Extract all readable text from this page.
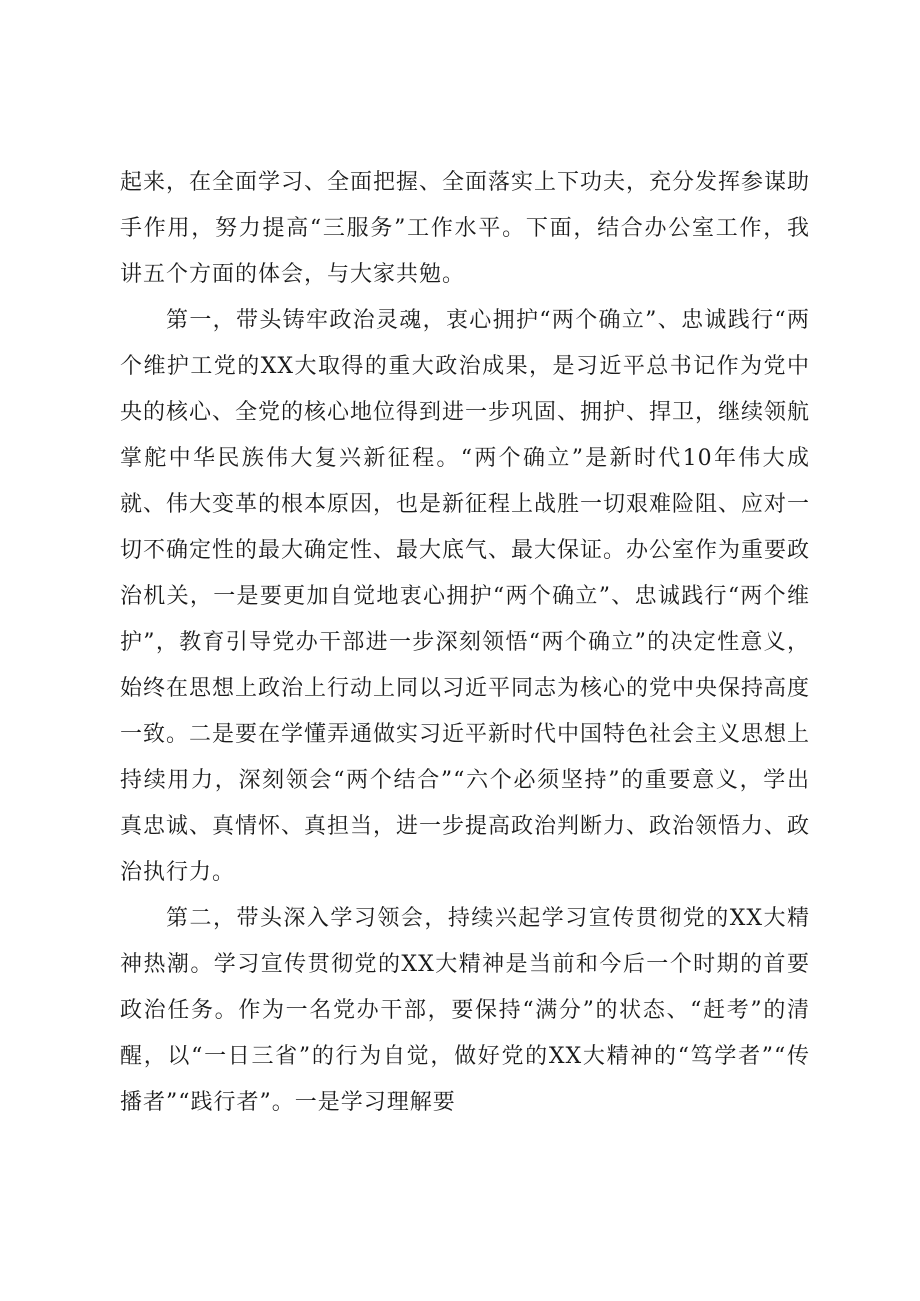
起来，在全面学习、全面把握、全面落实上下功夫，充分发挥参谋助手作用，努力提高“三服务”工作水平。下面，结合办公室工作，我讲五个方面的体会，与大家共勉。

第一，带头铸牢政治灵魂，衷心拥护“两个确立”、忠诚践行“两个维护工党的XX大取得的重大政治成果，是习近平总书记作为党中央的核心、全党的核心地位得到进一步巩固、拥护、捍卫，继续领航掌舵中华民族伟大复兴新征程。“两个确立”是新时代10年伟大成就、伟大变革的根本原因，也是新征程上战胜一切艰难险阻、应对一切不确定性的最大确定性、最大底气、最大保证。办公室作为重要政治机关，一是要更加自觉地衷心拥护“两个确立”、忠诚践行“两个维护”，教育引导党办干部进一步深刻领悟“两个确立”的决定性意义，始终在思想上政治上行动上同以习近平同志为核心的党中央保持高度一致。二是要在学懂弄通做实习近平新时代中国特色社会主义思想上持续用力，深刻领会“两个结合”“六个必须坚持”的重要意义，学出真忠诚、真情怀、真担当，进一步提高政治判断力、政治领悟力、政治执行力。

第二，带头深入学习领会，持续兴起学习宣传贯彻党的XX大精神热潮。学习宣传贯彻党的XX大精神是当前和今后一个时期的首要政治任务。作为一名党办干部，要保持“满分”的状态、“赶考”的清醒，以“一日三省”的行为自觉，做好党的XX大精神的“笃学者”“传播者”“践行者”。一是学习理解要
